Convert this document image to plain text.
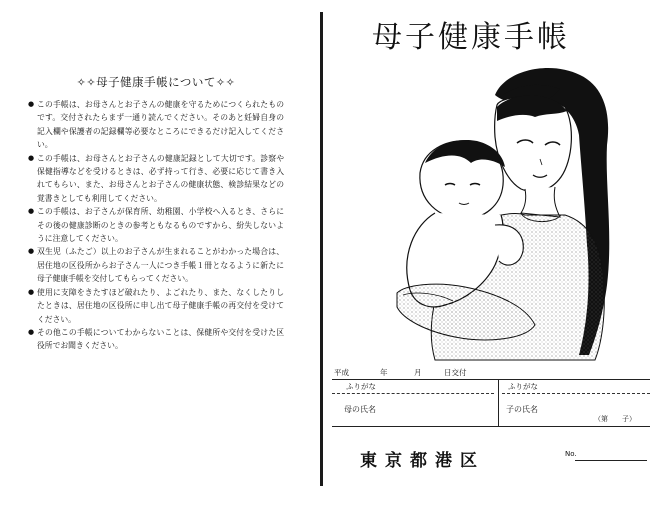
✧✧母子健康手帳について✧✧
● この手帳は、お母さんとお子さんの健康を守るためにつくられたものです。交付されたらまず一通り読んでください。そのあと妊婦自身の記入欄や保護者の記録欄等必要なところにできるだけ記入してください。
● この手帳は、お母さんとお子さんの健康記録として大切です。診察や保健指導などを受けるときは、必ず持って行き、必要に応じて書き入れてもらい、また、お母さんとお子さんの健康状態、検診結果などの覚書きとしても利用してください。
● この手帳は、お子さんが保育所、幼稚園、小学校へ入るとき、さらにその後の健康診断のときの参考ともなるものですから、紛失しないように注意してください。
● 双生児（ふたご）以上のお子さんが生まれることがわかった場合は、居住地の区役所からお子さん一人につき手帳１冊となるように新たに母子健康手帳を交付してもらってください。
● 使用に支障をきたすほど破れたり、よごれたり、また、なくしたりしたときは、居住地の区役所に申し出て母子健康手帳の再交付を受けてください。
● その他この手帳についてわからないことは、保健所や交付を受けた区役所でお聞きください。
母子健康手帳
平成	年	月	日交付
ふりがな	ふりがな
母の氏名	子の氏名
（第　　子）
東京都港区	No.
